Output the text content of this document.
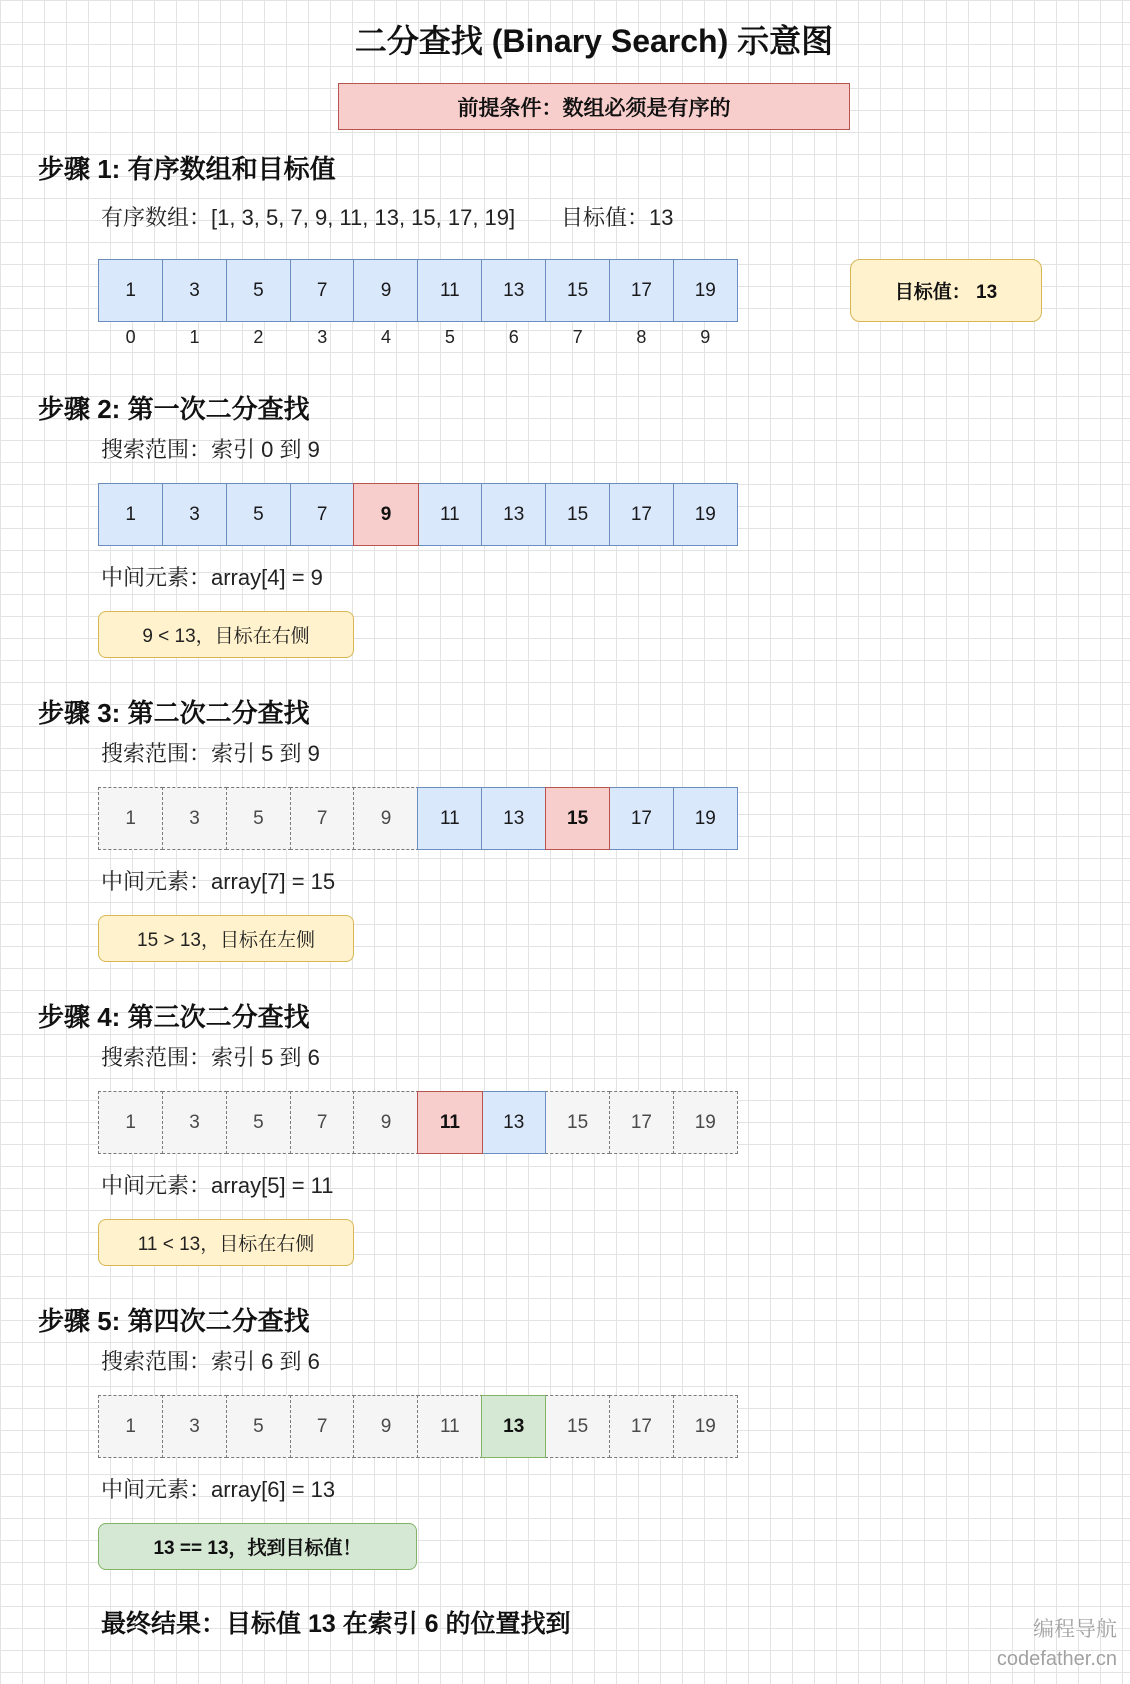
二分查找 (Binary Search) 示意图
前提条件：数组必须是有序的
步骤 1: 有序数组和目标值
有序数组：[1, 3, 5, 7, 9, 11, 13, 15, 17, 19] 目标值：13
1	3	5	7	9	11	13	15	17	19
0	1	2	3	4	5	6	7	8	9
目标值： 13
步骤 2: 第一次二分查找
搜索范围：索引 0 到 9
1	3	5	7	9	11	13	15	17	19
中间元素：array[4] = 9
9 < 13，目标在右侧
步骤 3: 第二次二分查找
搜索范围：索引 5 到 9
1	3	5	7	9	11	13	15	17	19
中间元素：array[7] = 15
15 > 13，目标在左侧
步骤 4: 第三次二分查找
搜索范围：索引 5 到 6
1	3	5	7	9	11	13	15	17	19
中间元素：array[5] = 11
11 < 13，目标在右侧
步骤 5: 第四次二分查找
搜索范围：索引 6 到 6
1	3	5	7	9	11	13	15	17	19
中间元素：array[6] = 13
13 == 13，找到目标值！
最终结果：目标值 13 在索引 6 的位置找到	编程导航
codefather.cn
